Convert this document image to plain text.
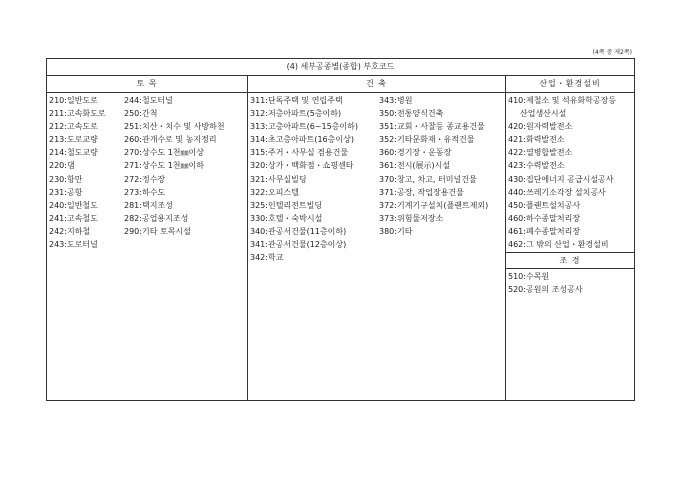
(4쪽 중 제2쪽)
(4) 세부공종별(종합) 부호코드
토 목
210:일반도로
211:고속화도로
212:고속도로
213:도로교량
214:철도교량
220:댐
230:항만
231:공항
240:일반철도
241:고속철도
242:지하철
243:도로터널
244:철도터널
250:간척
251:치산・치수 및 사방하천
260:관개수로 및 농지정리
270:상수도 1천㎜이상
271:상수도 1천㎜이하
272:정수장
273:하수도
281:택지조성
282:공업용지조성
290:기타 토목시설
건 축
311:단독주택 및 연립주택
312:저층아파트(5층이하)
313:고층아파트(6~15층이하)
314:초고층아파트(16층이상)
315:주거・사무실 겸용건물
320:상가・백화점・쇼핑센타
321:사무실빌딩
322:오피스텔
325:인텔리전트빌딩
330:호텔・숙박시설
340:관공서건물(11층이하)
341:관공서건물(12층이상)
342:학교
343:병원
350:전통양식건축
351:교회・사찰등 종교용건물
352:기타문화재・유적건물
360:경기장・운동장
361:전시(展示)시설
370:창고, 차고, 터미널건물
371:공장, 작업장용건물
372:기계기구설치(플랜트제외)
373:위험물저장소
380:기타
산업・환경설비
410:제철소 및 석유화학공장등
산업생산시설
420:원자력발전소
421:화력발전소
422:열병합발전소
423:수력발전소
430:집단에너지 공급시설공사
440:쓰레기소각장 설치공사
450:플랜트설치공사
460:하수종말처리장
461:폐수종말처리장
462:그 밖의 산업・환경설비
조 경
510:수목원
520:공원의 조성공사
